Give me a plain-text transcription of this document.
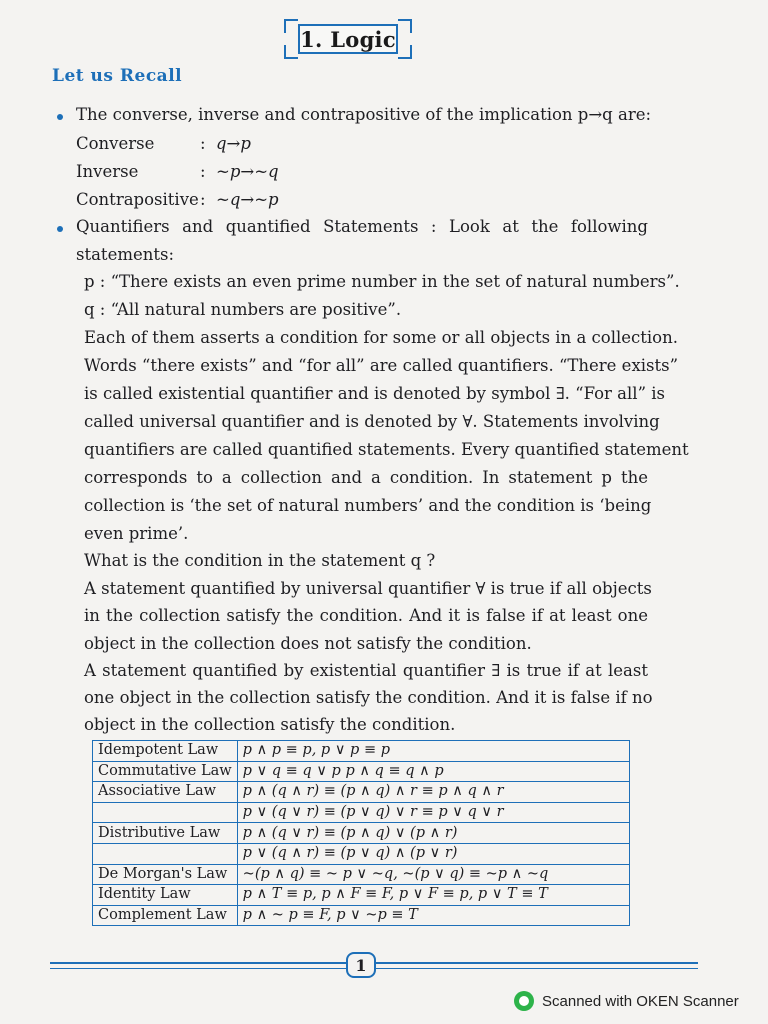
1. Logic
Let us Recall
The converse, inverse and contrapositive of the implication p→q are:
Converse	: q→p
Inverse	: ~p→~q
Contrapositive : ~q→~p
Quantifiers and quantified Statements : Look at the following
statements:
p : “There exists an even prime number in the set of natural numbers”.
q : “All natural numbers are positive”.
Each of them asserts a condition for some or all objects in a collection.
Words “there exists” and “for all” are called quantifiers. “There exists”
is called existential quantifier and is denoted by symbol ∃. “For all” is
called universal quantifier and is denoted by ∀. Statements involving
quantifiers are called quantified statements. Every quantified statement
corresponds to a collection and a condition. In statement p the
collection is ‘the set of natural numbers’ and the condition is ‘being
even prime’.
What is the condition in the statement q ?
A statement quantified by universal quantifier ∀ is true if all objects
in the collection satisfy the condition. And it is false if at least one
object in the collection does not satisfy the condition.
A statement quantified by existential quantifier ∃ is true if at least
one object in the collection satisfy the condition. And it is false if no
object in the collection satisfy the condition.
Idempotent Law	p ∧ p ≡ p, p ∨ p ≡ p
Commutative Law	p ∨ q ≡ q ∨ p p ∧ q ≡ q ∧ p
Associative Law	p ∧ (q ∧ r) ≡ (p ∧ q) ∧ r ≡ p ∧ q ∧ r
	p ∨ (q ∨ r) ≡ (p ∨ q) ∨ r ≡ p ∨ q ∨ r
Distributive Law	p ∧ (q ∨ r) ≡ (p ∧ q) ∨ (p ∧ r)
	p ∨ (q ∧ r) ≡ (p ∨ q) ∧ (p ∨ r)
De Morgan's Law	~(p ∧ q) ≡ ~ p ∨ ~q, ~(p ∨ q) ≡ ~p ∧ ~q
Identity Law	p ∧ T ≡ p, p ∧ F ≡ F, p ∨ F ≡ p, p ∨ T ≡ T
Complement Law	p ∧ ~ p ≡ F, p ∨ ~p ≡ T
1
Scanned with OKEN Scanner
